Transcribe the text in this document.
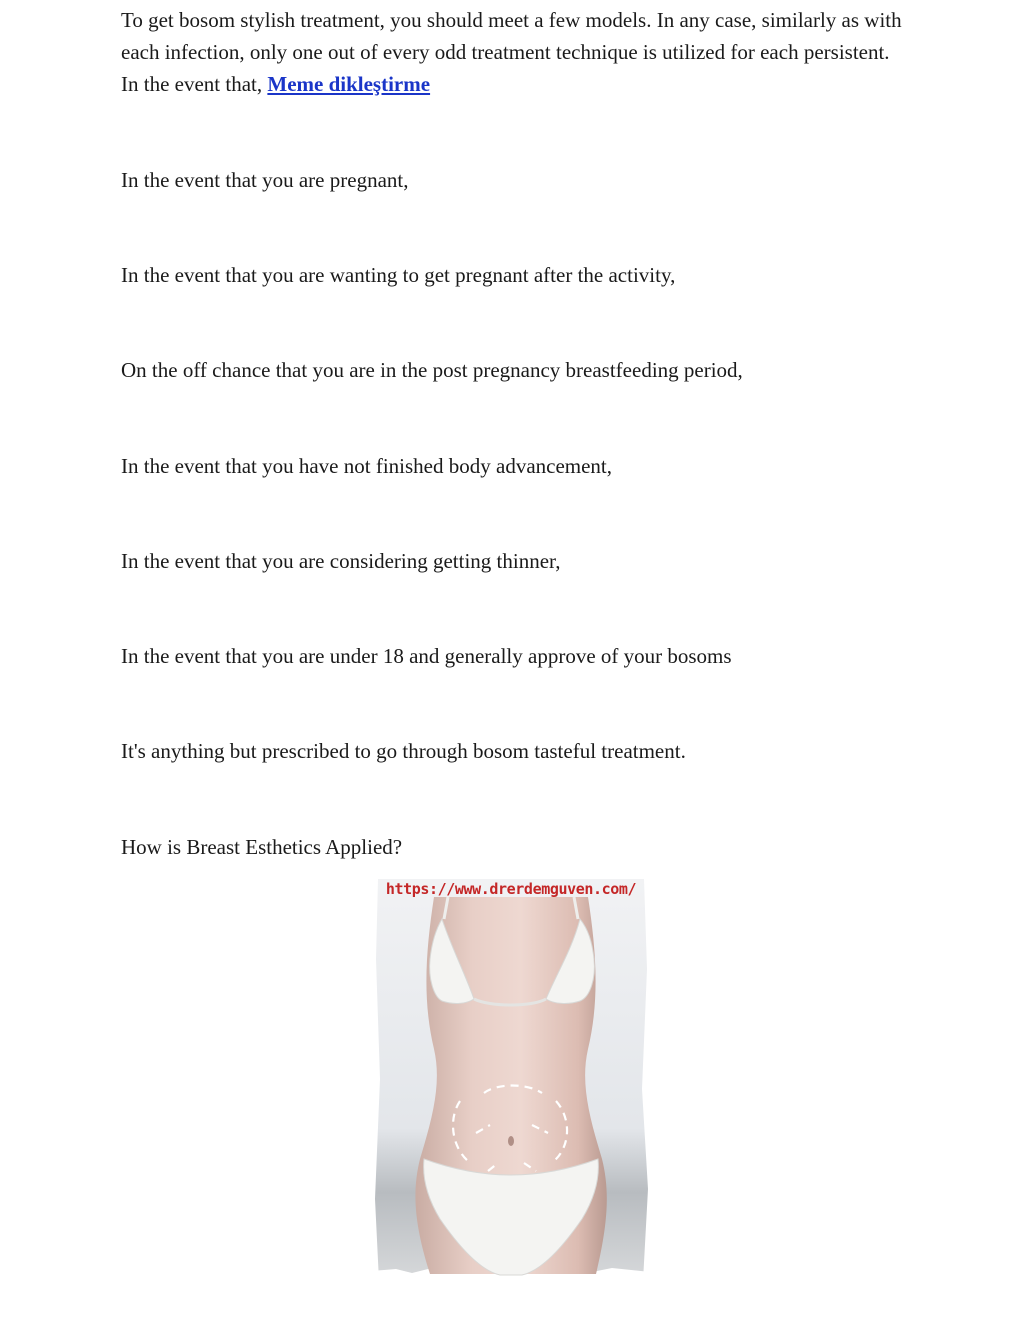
To get bosom stylish treatment, you should meet a few models. In any case, similarly as with each infection, only one out of every odd treatment technique is utilized for each persistent. In the event that, Meme dikleştirme

In the event that you are pregnant,

In the event that you are wanting to get pregnant after the activity,

On the off chance that you are in the post pregnancy breastfeeding period,

In the event that you have not finished body advancement,

In the event that you are considering getting thinner,

In the event that you are under 18 and generally approve of your bosoms

It's anything but prescribed to go through bosom tasteful treatment.

How is Breast Esthetics Applied?

https://www.drerdemguven.com/
